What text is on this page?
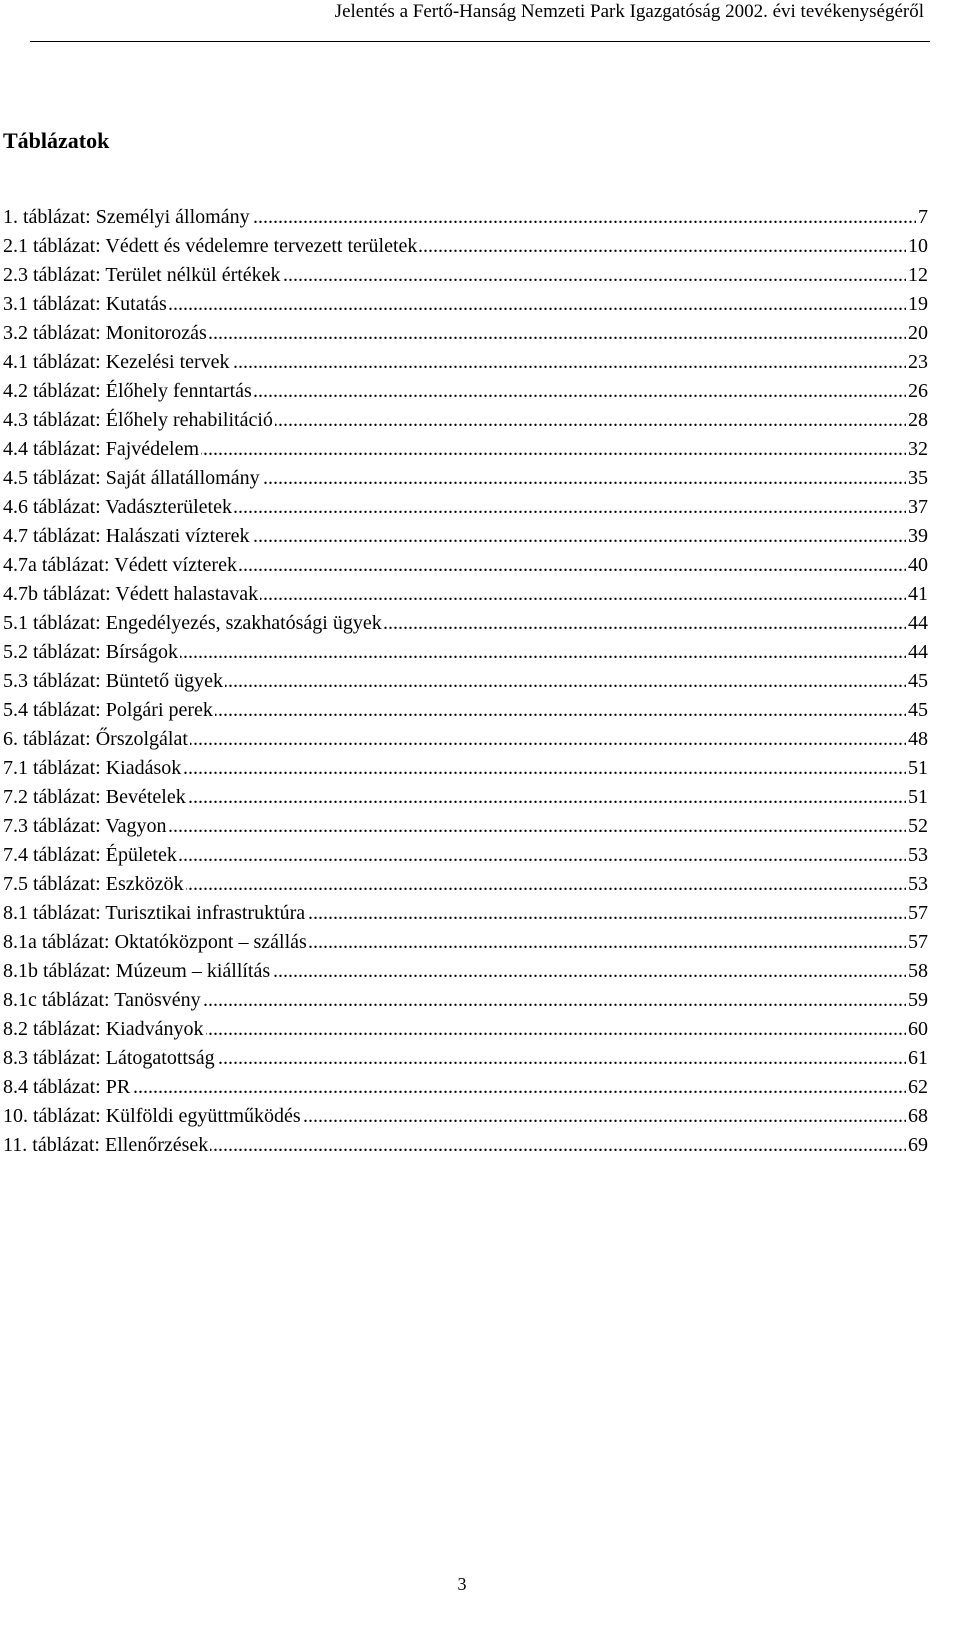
Jelentés a Fertő-Hanság Nemzeti Park Igazgatóság 2002. évi tevékenységéről
Táblázatok
.....
1. táblázat: Személyi állomány	7
.....
2.1 táblázat: Védett és védelemre tervezett területek	10
.....
2.3 táblázat: Terület nélkül értékek	12
.....
3.1 táblázat: Kutatás	19
.....
3.2 táblázat: Monitorozás	20
.....
4.1 táblázat: Kezelési tervek	23
.....
4.2 táblázat: Élőhely fenntartás	26
.....
4.3 táblázat: Élőhely rehabilitáció	28
.....
4.4 táblázat: Fajvédelem	32
.....
4.5 táblázat: Saját állatállomány	35
.....
4.6 táblázat: Vadászterületek	37
.....
4.7 táblázat: Halászati vízterek	39
.....
4.7a táblázat: Védett vízterek	40
.....
4.7b táblázat: Védett halastavak	41
.....
5.1 táblázat: Engedélyezés, szakhatósági ügyek	44
.....
5.2 táblázat: Bírságok	44
.....
5.3 táblázat: Büntető ügyek	45
.....
5.4 táblázat: Polgári perek	45
.....
6. táblázat: Őrszolgálat	48
.....
7.1 táblázat: Kiadások	51
.....
7.2 táblázat: Bevételek	51
.....
7.3 táblázat: Vagyon	52
.....
7.4 táblázat: Épületek	53
.....
7.5 táblázat: Eszközök	53
.....
8.1 táblázat: Turisztikai infrastruktúra	57
.....
8.1a táblázat: Oktatóközpont – szállás	57
.....
8.1b táblázat: Múzeum – kiállítás	58
.....
8.1c táblázat: Tanösvény	59
.....
8.2 táblázat: Kiadványok	60
.....
8.3 táblázat: Látogatottság	61
.....
8.4 táblázat: PR	62
.....
10. táblázat: Külföldi együttműködés	68
.....
11. táblázat: Ellenőrzések	69
3
